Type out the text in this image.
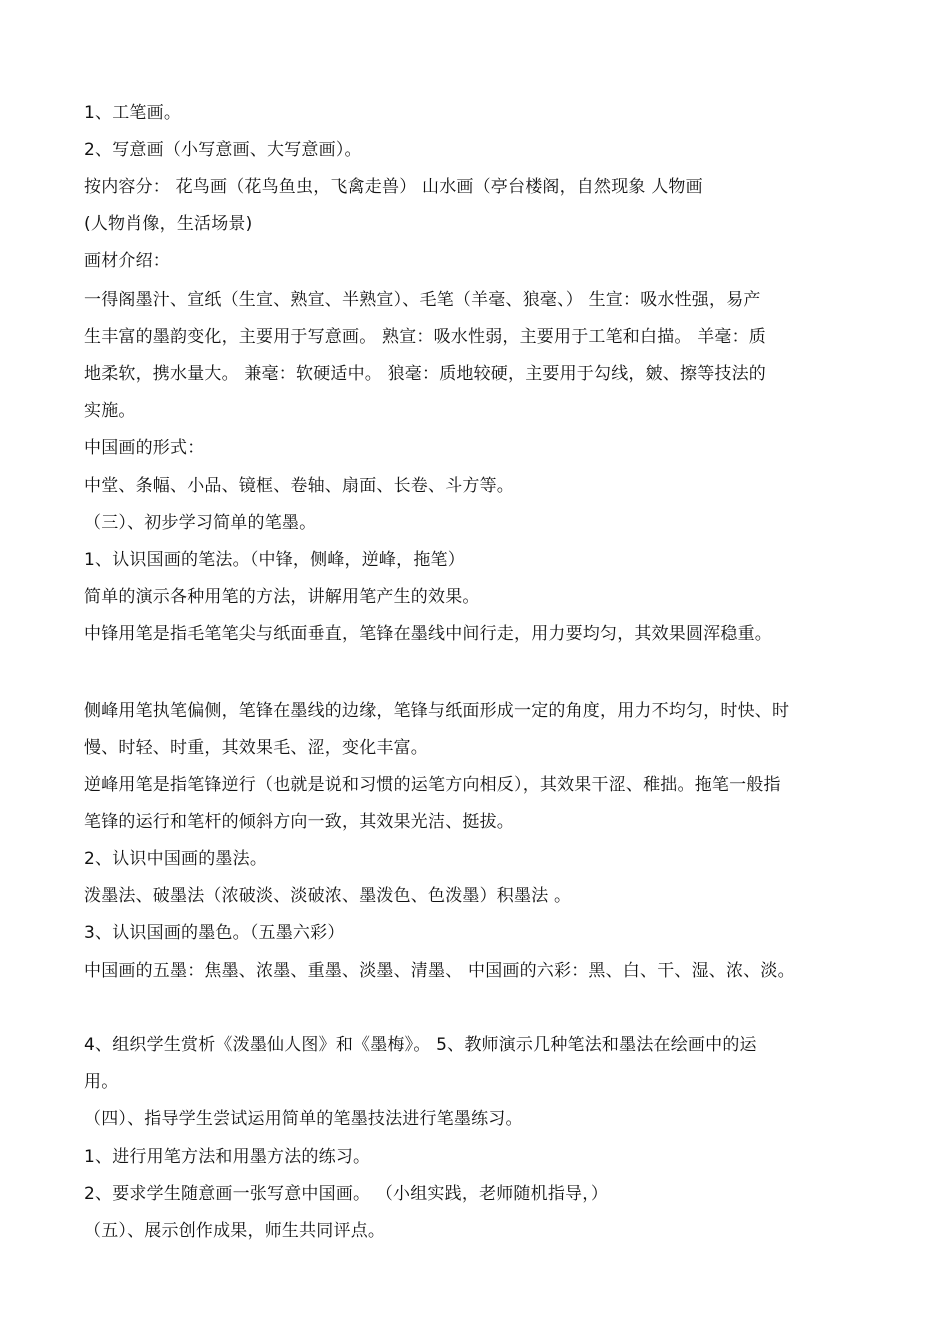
1、工笔画。
2、写意画（小写意画、大写意画）。
按内容分： 花鸟画（花鸟鱼虫，飞禽走兽） 山水画（亭台楼阁，自然现象 人物画
(人物肖像，生活场景)
画材介绍：
一得阁墨汁、宣纸（生宣、熟宣、半熟宣）、毛笔（羊毫、狼毫、） 生宣：吸水性强，易产
生丰富的墨韵变化，主要用于写意画。 熟宣：吸水性弱，主要用于工笔和白描。 羊毫：质
地柔软，携水量大。 兼毫：软硬适中。 狼毫：质地较硬，主要用于勾线，皴、擦等技法的
实施。
中国画的形式：
中堂、条幅、小品、镜框、卷轴、扇面、长卷、斗方等。
（三）、初步学习简单的笔墨。
1、认识国画的笔法。（中锋，侧峰，逆峰，拖笔）
简单的演示各种用笔的方法，讲解用笔产生的效果。
中锋用笔是指毛笔笔尖与纸面垂直，笔锋在墨线中间行走，用力要均匀，其效果圆浑稳重。
侧峰用笔执笔偏侧，笔锋在墨线的边缘，笔锋与纸面形成一定的角度，用力不均匀，时快、时
慢、时轻、时重，其效果毛、涩，变化丰富。
逆峰用笔是指笔锋逆行（也就是说和习惯的运笔方向相反），其效果干涩、稚拙。拖笔一般指
笔锋的运行和笔杆的倾斜方向一致，其效果光洁、挺拔。
2、认识中国画的墨法。
泼墨法、破墨法（浓破淡、淡破浓、墨泼色、色泼墨）积墨法 。
3、认识国画的墨色。（五墨六彩）
中国画的五墨：焦墨、浓墨、重墨、淡墨、清墨、 中国画的六彩：黑、白、干、湿、浓、淡。
4、组织学生赏析《泼墨仙人图》和《墨梅》。 5、教师演示几种笔法和墨法在绘画中的运
用。
（四）、指导学生尝试运用简单的笔墨技法进行笔墨练习。
1、进行用笔方法和用墨方法的练习。
2、要求学生随意画一张写意中国画。 （小组实践，老师随机指导，）
（五）、展示创作成果，师生共同评点。
